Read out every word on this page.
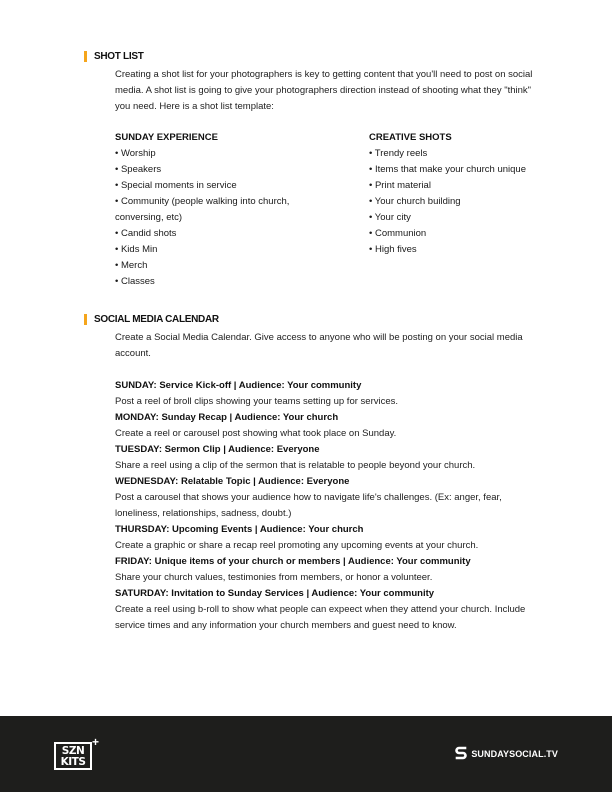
SHOT LIST

Creating a shot list for your photographers is key to getting content that you'll need to post on social media. A shot list is going to give your photographers direction instead of shooting what they "think" you need. Here is a shot list template:

SUNDAY EXPERIENCE
• Worship
• Speakers
• Special moments in service
• Community (people walking into church, conversing, etc)
• Candid shots
• Kids Min
• Merch
• Classes
CREATIVE SHOTS
• Trendy reels
• Items that make your church unique
• Print material
• Your church building
• Your city
• Communion
• High fives
SOCIAL MEDIA CALENDAR

Create a Social Media Calendar. Give access to anyone who will be posting on your social media account.

SUNDAY: Service Kick-off | Audience: Your community

Post a reel of broll clips showing your teams setting up for services.

MONDAY: Sunday Recap | Audience: Your church

Create a reel or carousel post showing what took place on Sunday.

TUESDAY: Sermon Clip | Audience: Everyone

Share a reel using a clip of the sermon that is relatable to people beyond your church.

WEDNESDAY: Relatable Topic | Audience: Everyone

Post a carousel that shows your audience how to navigate life's challenges. (Ex: anger, fear, loneliness, relationships, sadness, doubt.)

THURSDAY: Upcoming Events | Audience: Your church

Create a graphic or share a recap reel promoting any upcoming events at your church.

FRIDAY: Unique items of your church or members | Audience: Your community

Share your church values, testimonies from members, or honor a volunteer.

SATURDAY: Invitation to Sunday Services | Audience: Your community

Create a reel using b-roll to show what people can expeect when they attend your church. Include service times and any information your church members and guest need to know.

SZN KITS
+
SUNDAYSOCIAL.TV
